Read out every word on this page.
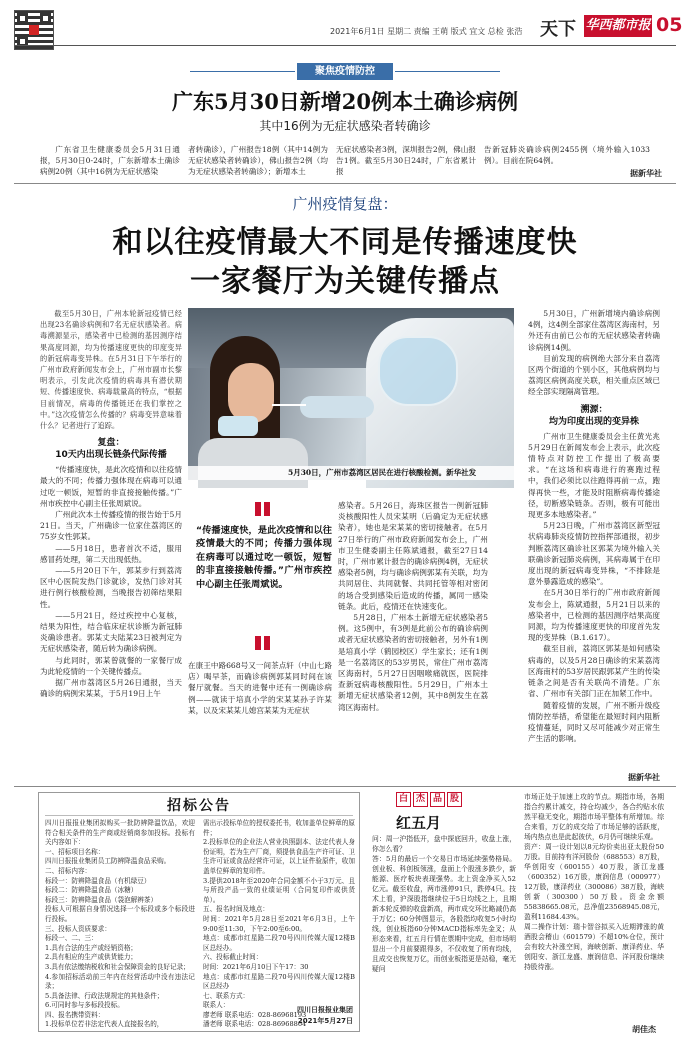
2021年6月1日 星期二 责编 王萌 版式 宜文 总检 张浩 天下 华西都市报 05
聚焦疫情防控
广东5月30日新增20例本土确诊病例
其中16例为无症状感染者转确诊

广东省卫生健康委员会5月31日通报，5月30日0-24时，广东新增本土确诊病例20例（其中16例为无症状感染

者转确诊），广州报告18例（其中14例为无症状感染者转确诊），佛山报告2例（均为无症状感染者转确诊）；新增本土

无症状感染者3例，深圳报告2例，佛山报告1例。截至5月30日24时，广东省累计报

告新冠肺炎确诊病例2455例（境外输入1033例）。目前在院64例。

据新华社
广州疫情复盘：
和以往疫情最大不同是传播速度快
一家餐厅为关键传播点

截至5月30日，广州本轮新冠疫情已经出现23名确诊病例和7名无症状感染者。病毒溯源显示，感染者中已检测的基因测序结果高度同源，均为传播速度更快的印度变异的新冠病毒变异株。在5月31日下午举行的广州市政府新闻发布会上，广州市副市长黎明表示，引发此次疫情的病毒具有潜伏期短、传播速度快、病毒载量高的特点，“根据目前情况，病毒的传播链还在我们掌控之中。”这次疫情怎么传播的？病毒变异意味着什么？记者进行了追踪。

复盘：
10天内出现长链条代际传播

“传播速度快，是此次疫情和以往疫情最大的不同；传播力强体现在病毒可以通过吃一顿饭，短暂的非直接接触传播。”广州市疾控中心副主任张周斌说。

广州此次本土传播疫情的报告始于5月21日。当天，广州确诊一位家住荔湾区的75岁女性郭某。

——5月18日，患者首次不适，服用感冒药处理，第二天出现低热。

——5月20日下午，郭某步行到荔湾区中心医院发热门诊就诊，发热门诊对其进行例行核酸检测，当晚报告初筛结果阳性。

——5月21日，经过疾控中心复核，结果为阳性，结合临床症状诊断为新冠肺炎确诊患者。郭某丈夫陆某23日被判定为无症状感染者，随后转为确诊病例。

与此同时，郭某曾就餐的一家餐厅成为此轮疫情的一个关键传播点。

据广州市荔湾区5月26日通报，当天确诊的病例宋某某，于5月19日上午

5月30日，广州市荔湾区居民在进行核酸检测。新华社发
“传播速度快，是此次疫情和以往疫情最大的不同；传播力强体现在病毒可以通过吃一顿饭，短暂的非直接接触传播。”广州市疾控中心副主任张周斌说。

在康王中路668号又一间茶点轩（中山七路店）喝早茶，而确诊病例郭某同时间在该餐厅就餐。当天的进餐中还有一例确诊病例——就读于培真小学的宋某某孙子许某某，以及宋某某儿媳宫某某为无症状

感染者。5月26日，海珠区报告一例新冠肺炎核酸阳性人员宋某明（后确定为无症状感染者），她也是宋某某的密切接触者。在5月27日举行的广州市政府新闻发布会上，广州市卫生健委副主任陈斌通报，截至27日14时，广州市累计报告的确诊病例4例，无症状感染者5例，均与确诊病例郭某有关联，均为共同居住、共同就餐、共同托管等相对密闭的场合受到感染后造成的传播，属同一感染链条。此后，疫情还在快速变化。

5月28日，广州本土新增无症状感染者5例。这5例中，有3例是此前公布的确诊病例或者无症状感染者的密切接触者，另外有1例是培真小学（鹤园校区）学生家长；还有1例是一名荔湾区的53岁男民，常住广州市荔湾区海南村，5月27日因咽喉痛就医，医院排查新冠病毒核酸阳性。5月29日，广州本土新增无症状感染者12例，其中8例发生在荔湾区海南村。

5月30日，广州新增境内确诊病例4例，这4例全部家住荔湾区海南村，另外还有由前已公布的无症状感染者转确诊病例14例。

目前发现的病例绝大部分来自荔湾区两个街道的个别小区，其他病例均与荔湾区病例高度关联，相关重点区域已经全部实现隔离管理。

溯源：
均为印度出现的变异株

广州市卫生健康委员会主任黄光兆5月29日在新闻发布会上表示，此次疫情特点对防控工作提出了极高要求。“在这场和病毒进行的赛跑过程中，我们必须比以往跑得再前一点，跑得再快一些，才能及时阻断病毒传播途径，切断感染链条。否则，极有可能出现更多本地感染者。”

5月23日晚，广州市荔湾区新型冠状病毒肺炎疫情防控指挥部通报，初步判断荔湾区确诊社区郭某为境外输入关联确诊新冠肺炎病例，其病毒属于在印度出现的新冠病毒变异株，“不排除是意外暴露造成的感染”。

在5月30日举行的广州市政府新闻发布会上，陈斌通报，5月21日以来的感染者中，已检测的基因测序结果高度同源，均为传播速度更快的印度首先发现的变异株（B.1.617）。

截至目前，荔湾区郭某是如何感染病毒的，以及5月28日确诊的宋某荔湾区海南村的53岁居民跟郭某产生的传染链条之间是否有关联尚不清楚。广东省、广州市有关部门正在加紧工作中。

随着疫情的发展，广州不断升级疫情防控举措，希望能在最短时间内阻断疫情蔓延，同时又尽可能减少对正常生产生活的影响。

据新华社
招标公告
四川日报报业集团拟购买一批防辨降温饮品，欢迎符合相关条件的生产商或经销商参加投标。投标有关内容如下：
一、招标项目名称：
四川日报报业集团员工防辨降温食品采购。
二、招标内容：
标段一：防辨降温食品（有机绿豆）
标段二：防辨降温食品（冰糖）
标段三：防辨降温食品（袋泡解辨茶）
投标人可根据自身情况选择一个标段或多个标段进行投标。
三、投标人资质要求：
标段一、二、三：
1.具有合法的生产或经销资格；
2.具有相应的生产或供货能力；
3.具有依法缴纳税收和社会保障资金的良好记录；
4.参加招标活动前三年内在经营活动中没有违法记录；
5.具备法律、行政法规规定的其他条件；
6.可同时参与多标段投标。
四、报名携带资料：
1.投标单位若非法定代表人直接报名的，
需出示投标单位的授权委托书，收加盖单位鲜章的原件；
2.投标单位的企业法人营业执照副本、法定代表人身份证明，若为生产厂商，须提供食品生产许可证、卫生许可证或食品经营许可证，以上证件验原件，收加盖单位鲜章的复印件。
3.提供2018年至2020年合同金额不小于3万元、且与所投产品一致的业绩证明（合同复印件或供货单）。
五、报名时间及地点：
时间：2021年5月28日至2021年6月3日，上午9:00至11:30，下午2:00至6:00。
地点：成都市红星路二段70号四川传媒大厦12楼B区总经办。
六、投标截止时间：
时间：2021年6月10日下午17：30
地点：成都市红星路二段70号四川传媒大厦12楼B区总经办
七、联系方式：
联系人：
廖老师 联系电话：028-86968193
潘老师 联系电话：028-86968864
四川日报报业集团
2021年5月27日
白 杰 品 股
红五月
问：周一沪指低开，盘中探底回升，收盘上涨，你怎么看？
答：5月的最后一个交易日市场延续强势格局。创业板、科创板领涨，盘面上个股涨多跌少，新能源、医疗板块表现强势。北上资金净买入52亿元。截至收盘，两市涨停91只，跌停4只。技术上看，沪深股指继续位于5日均线之上，且期新本轮反弹的收盘新高，两市成交环比略减仍高于万亿；60分钟图显示，各股指均收复5小时均线，创业板指60分钟MACD指标率先金叉；从形态来看，红五月行情在票期中完成，但市场明显出一个月前要跟得多，不仅收复了所有均线，且成交也恢复万亿，而创业板指更是站稳，毫无疑问
市场正处于加速上攻的节点。期指市场，各期指合约累计减交，持仓均减少，各合约贴水依然平稳无变化，期指市场平整体有所增加。综合来看，万亿的成交给了市场足够的活跃度，场内热点也是此起彼伏，6月仍可继续乐观。
资产：周一设计划以8元均价卖出亚太股份50万股。目前持有洋河股份（688553）8万股，华创阳安（600155）40万股，浙江龙盛（600352）16万股，康润信息（000977）12万股，康泽药业（300086）38万股，海峡创新（300300）50万股。资金余额55838665.08元，总净值23568945.08元，盈利11684.43%。
周二操作计划：瑞卡智谷拟买入近期滞涨的黄酒股会稽山（601579）不超10%仓位，预计会有较大补涨空间，海峡创新、康泽药业、华创阳安、浙江龙盛、康润信息、洋河股份继续持股待涨。
胡佳杰
